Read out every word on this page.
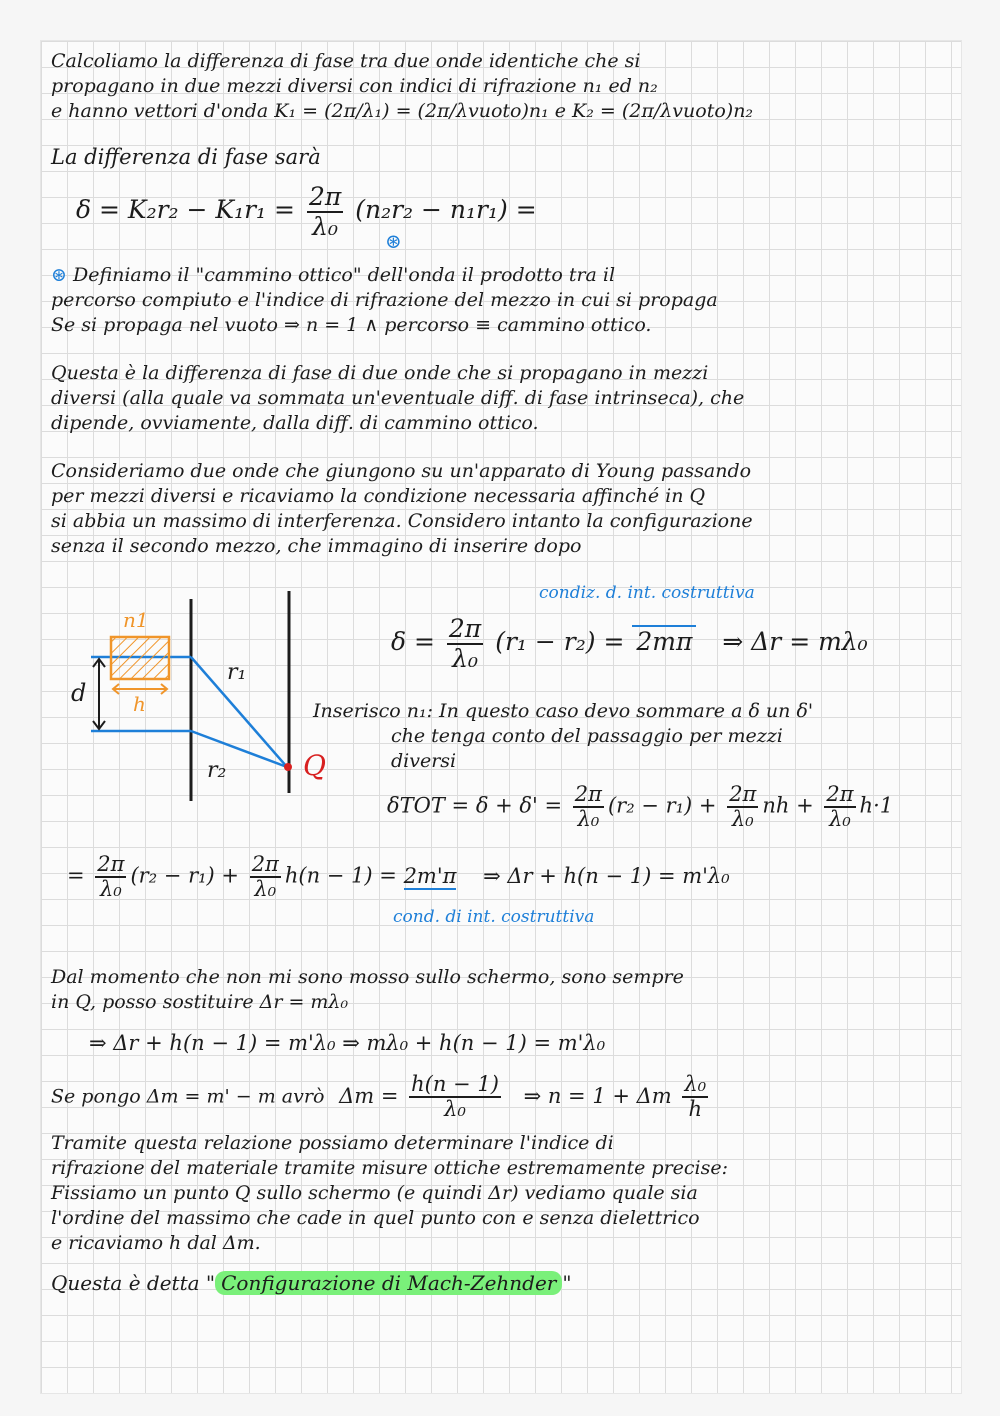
Calcoliamo la differenza di fase tra due onde identiche che si
propagano in due mezzi diversi con indici di rifrazione n₁ ed n₂
e hanno vettori d'onda K₁ = (2π/λ₁) = (2π/λvuoto)n₁ e K₂ = (2π/λvuoto)n₂
La differenza di fase sarà
$\delta = K_2r_2 - K_1r_1 = \frac{2\pi}{\text{λ₀}} (n_2r_2 - n_1r_1)$ =
⊛
⊛ Definiamo il "cammino ottico" dell'onda il prodotto tra il
percorso compiuto e l'indice di rifrazione del mezzo in cui si propaga
Se si propaga nel vuoto ⇒ n = 1 ∧ percorso ≡ cammino ottico.
Questa è la differenza di fase di due onde che si propagano in mezzi
diversi (alla quale va sommata un'eventuale diff. di fase intrinseca), che
dipende, ovviamente, dalla diff. di cammino ottico.
Consideriamo due onde che giungono su un'apparato di Young passando
per mezzi diversi e ricaviamo la condizione necessaria affinché in Q
si abbia un massimo di interferenza. Considero intanto la configurazione
senza il secondo mezzo, che immagino di inserire dopo
n1
h
d
r₁
r₂	Q
condiz. d. int. costruttiva
$\delta = \frac{2\pi}{\text{λ₀}} (r_1 - r_2) = 2m\pi$ ⇒ Δr = mλ₀
Inserisco n₁: In questo caso devo sommare a δ un δ'
che tenga conto del passaggio per mezzi
diversi
$\delta TOT = \delta + \delta' = \frac{2\pi}{\text{λ₀}} (r_2 - r_1) + \frac{2\pi}{\text{λ₀}}$ nh + $\frac{2\pi}{\text{λ₀}} h\cdot 1$
= $\frac{2\pi}{\text{λ₀}} (r_2 - r_1) + \frac{2\pi}{\text{λ₀}} h(n - 1) = 2m'\pi$ ⇒ Δr + h(n − 1) = m'λ₀
cond. di int. costruttiva
Dal momento che non mi sono mosso sullo schermo, sono sempre
in Q, posso sostituire Δr = mλ₀
⇒ Δr + h(n − 1) = m'λ₀ ⇒ mλ₀ + h(n − 1) = m'λ₀
Se pongo Δm = m' − m avrò $\Delta m = \frac{h(n - 1)}{\text{λ₀}}$ ⇒ n = 1 + Δm $\frac{\text{λ₀}}{h}$
Tramite questa relazione possiamo determinare l'indice di
rifrazione del materiale tramite misure ottiche estremamente precise:
Fissiamo un punto Q sullo schermo (e quindi Δr) vediamo quale sia
l'ordine del massimo che cade in quel punto con e senza dielettrico
e ricaviamo h dal Δm.
Questa è detta " Configurazione di Mach-Zehnder "
